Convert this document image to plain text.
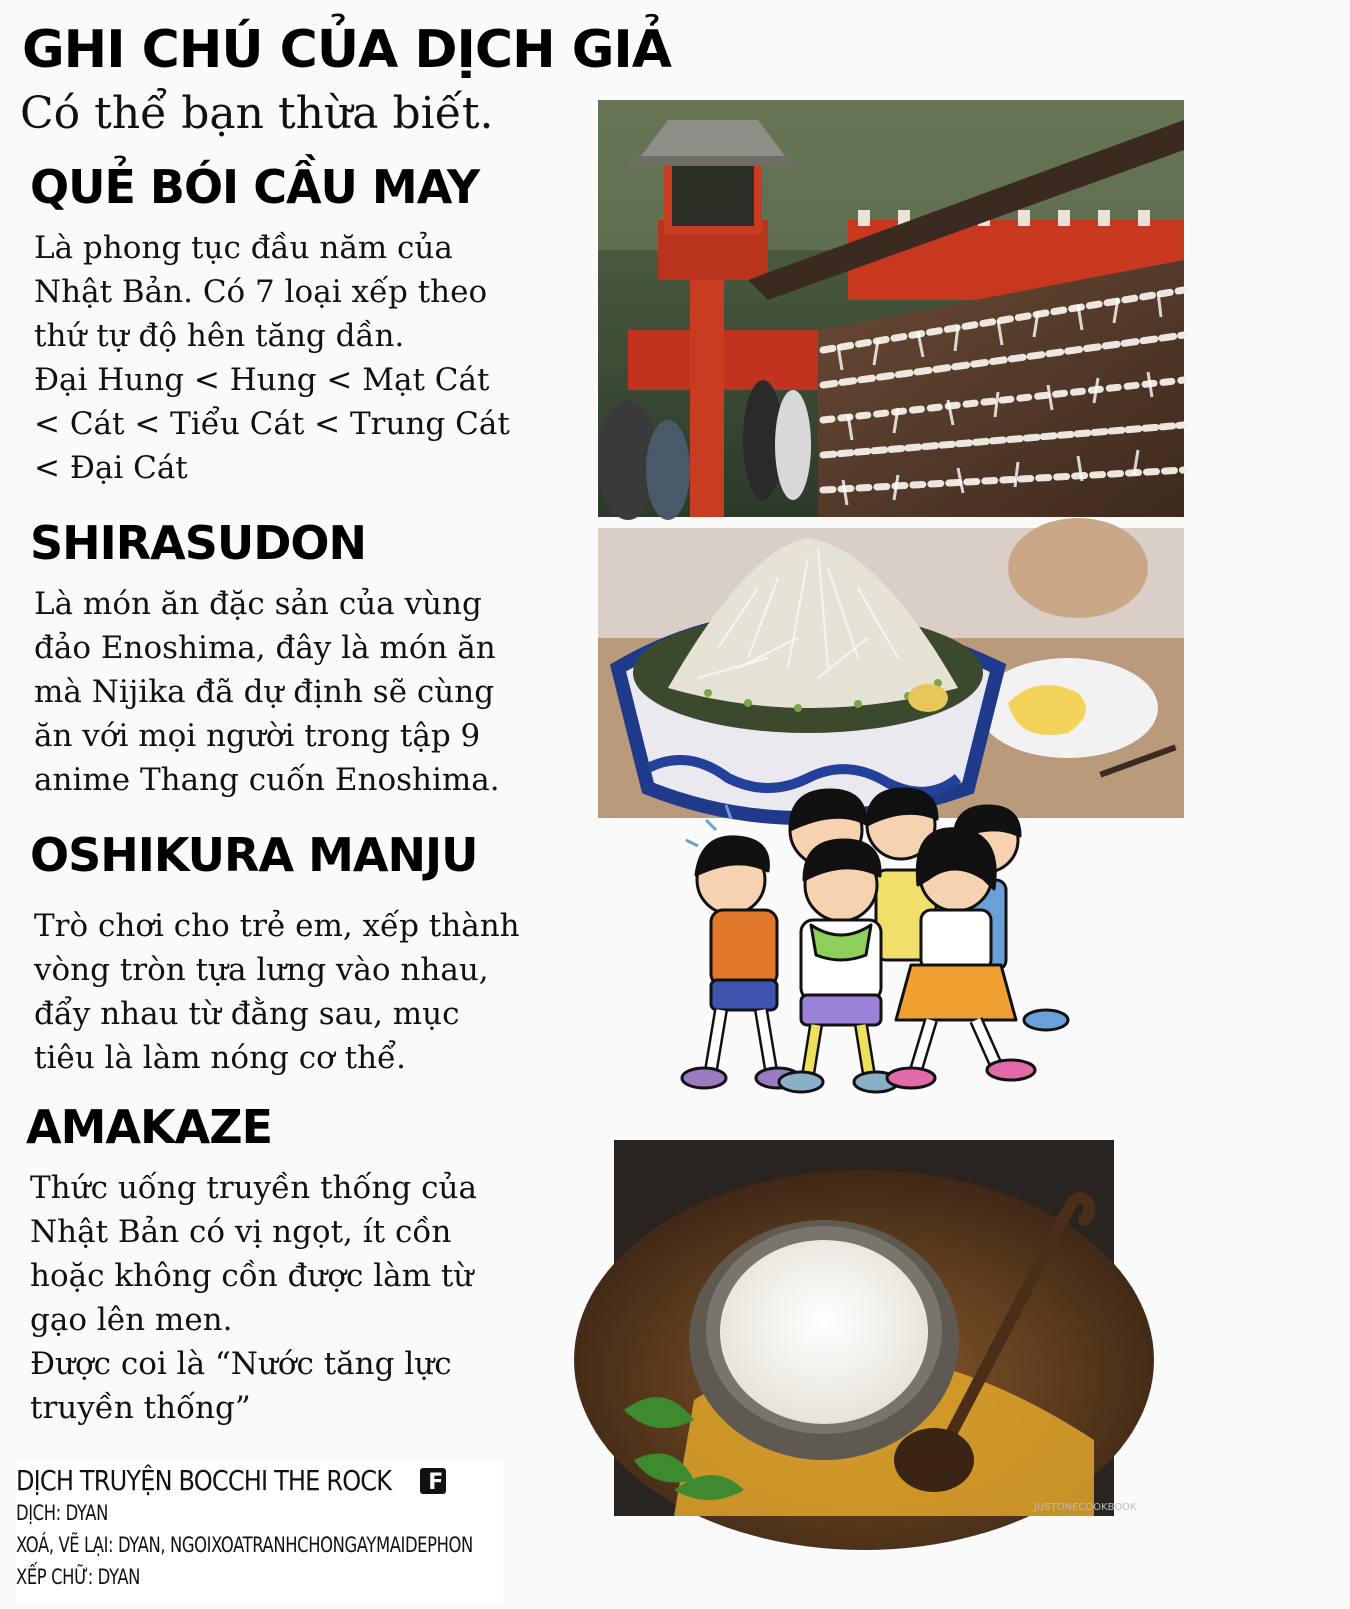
GHI CHÚ CỦA DỊCH GIẢ

Có thể bạn thừa biết.

QUẺ BÓI CẦU MAY
Là phong tục đầu năm của
Nhật Bản. Có 7 loại xếp theo
thứ tự độ hên tăng dần.
Đại Hung < Hung < Mạt Cát
< Cát < Tiểu Cát < Trung Cát
< Đại Cát
SHIRASUDON
Là món ăn đặc sản của vùng
đảo Enoshima, đây là món ăn
mà Nijika đã dự định sẽ cùng
ăn với mọi người trong tập 9
anime Thang cuốn Enoshima.
OSHIKURA MANJU
Trò chơi cho trẻ em, xếp thành
vòng tròn tựa lưng vào nhau,
đẩy nhau từ đằng sau, mục
tiêu là làm nóng cơ thể.
AMAKAZE
Thức uống truyền thống của
Nhật Bản có vị ngọt, ít cồn
hoặc không cồn được làm từ
gạo lên men.
Được coi là “Nước tăng lực
truyền thống”
JUSTONECOOKBOOK
DỊCH TRUYỆN BOCCHI THE ROCK	F
DỊCH: DYAN
XOÁ, VẼ LẠI: DYAN, NGOIXOATRANHCHONGAYMAIDEPHON
XẾP CHỮ: DYAN
